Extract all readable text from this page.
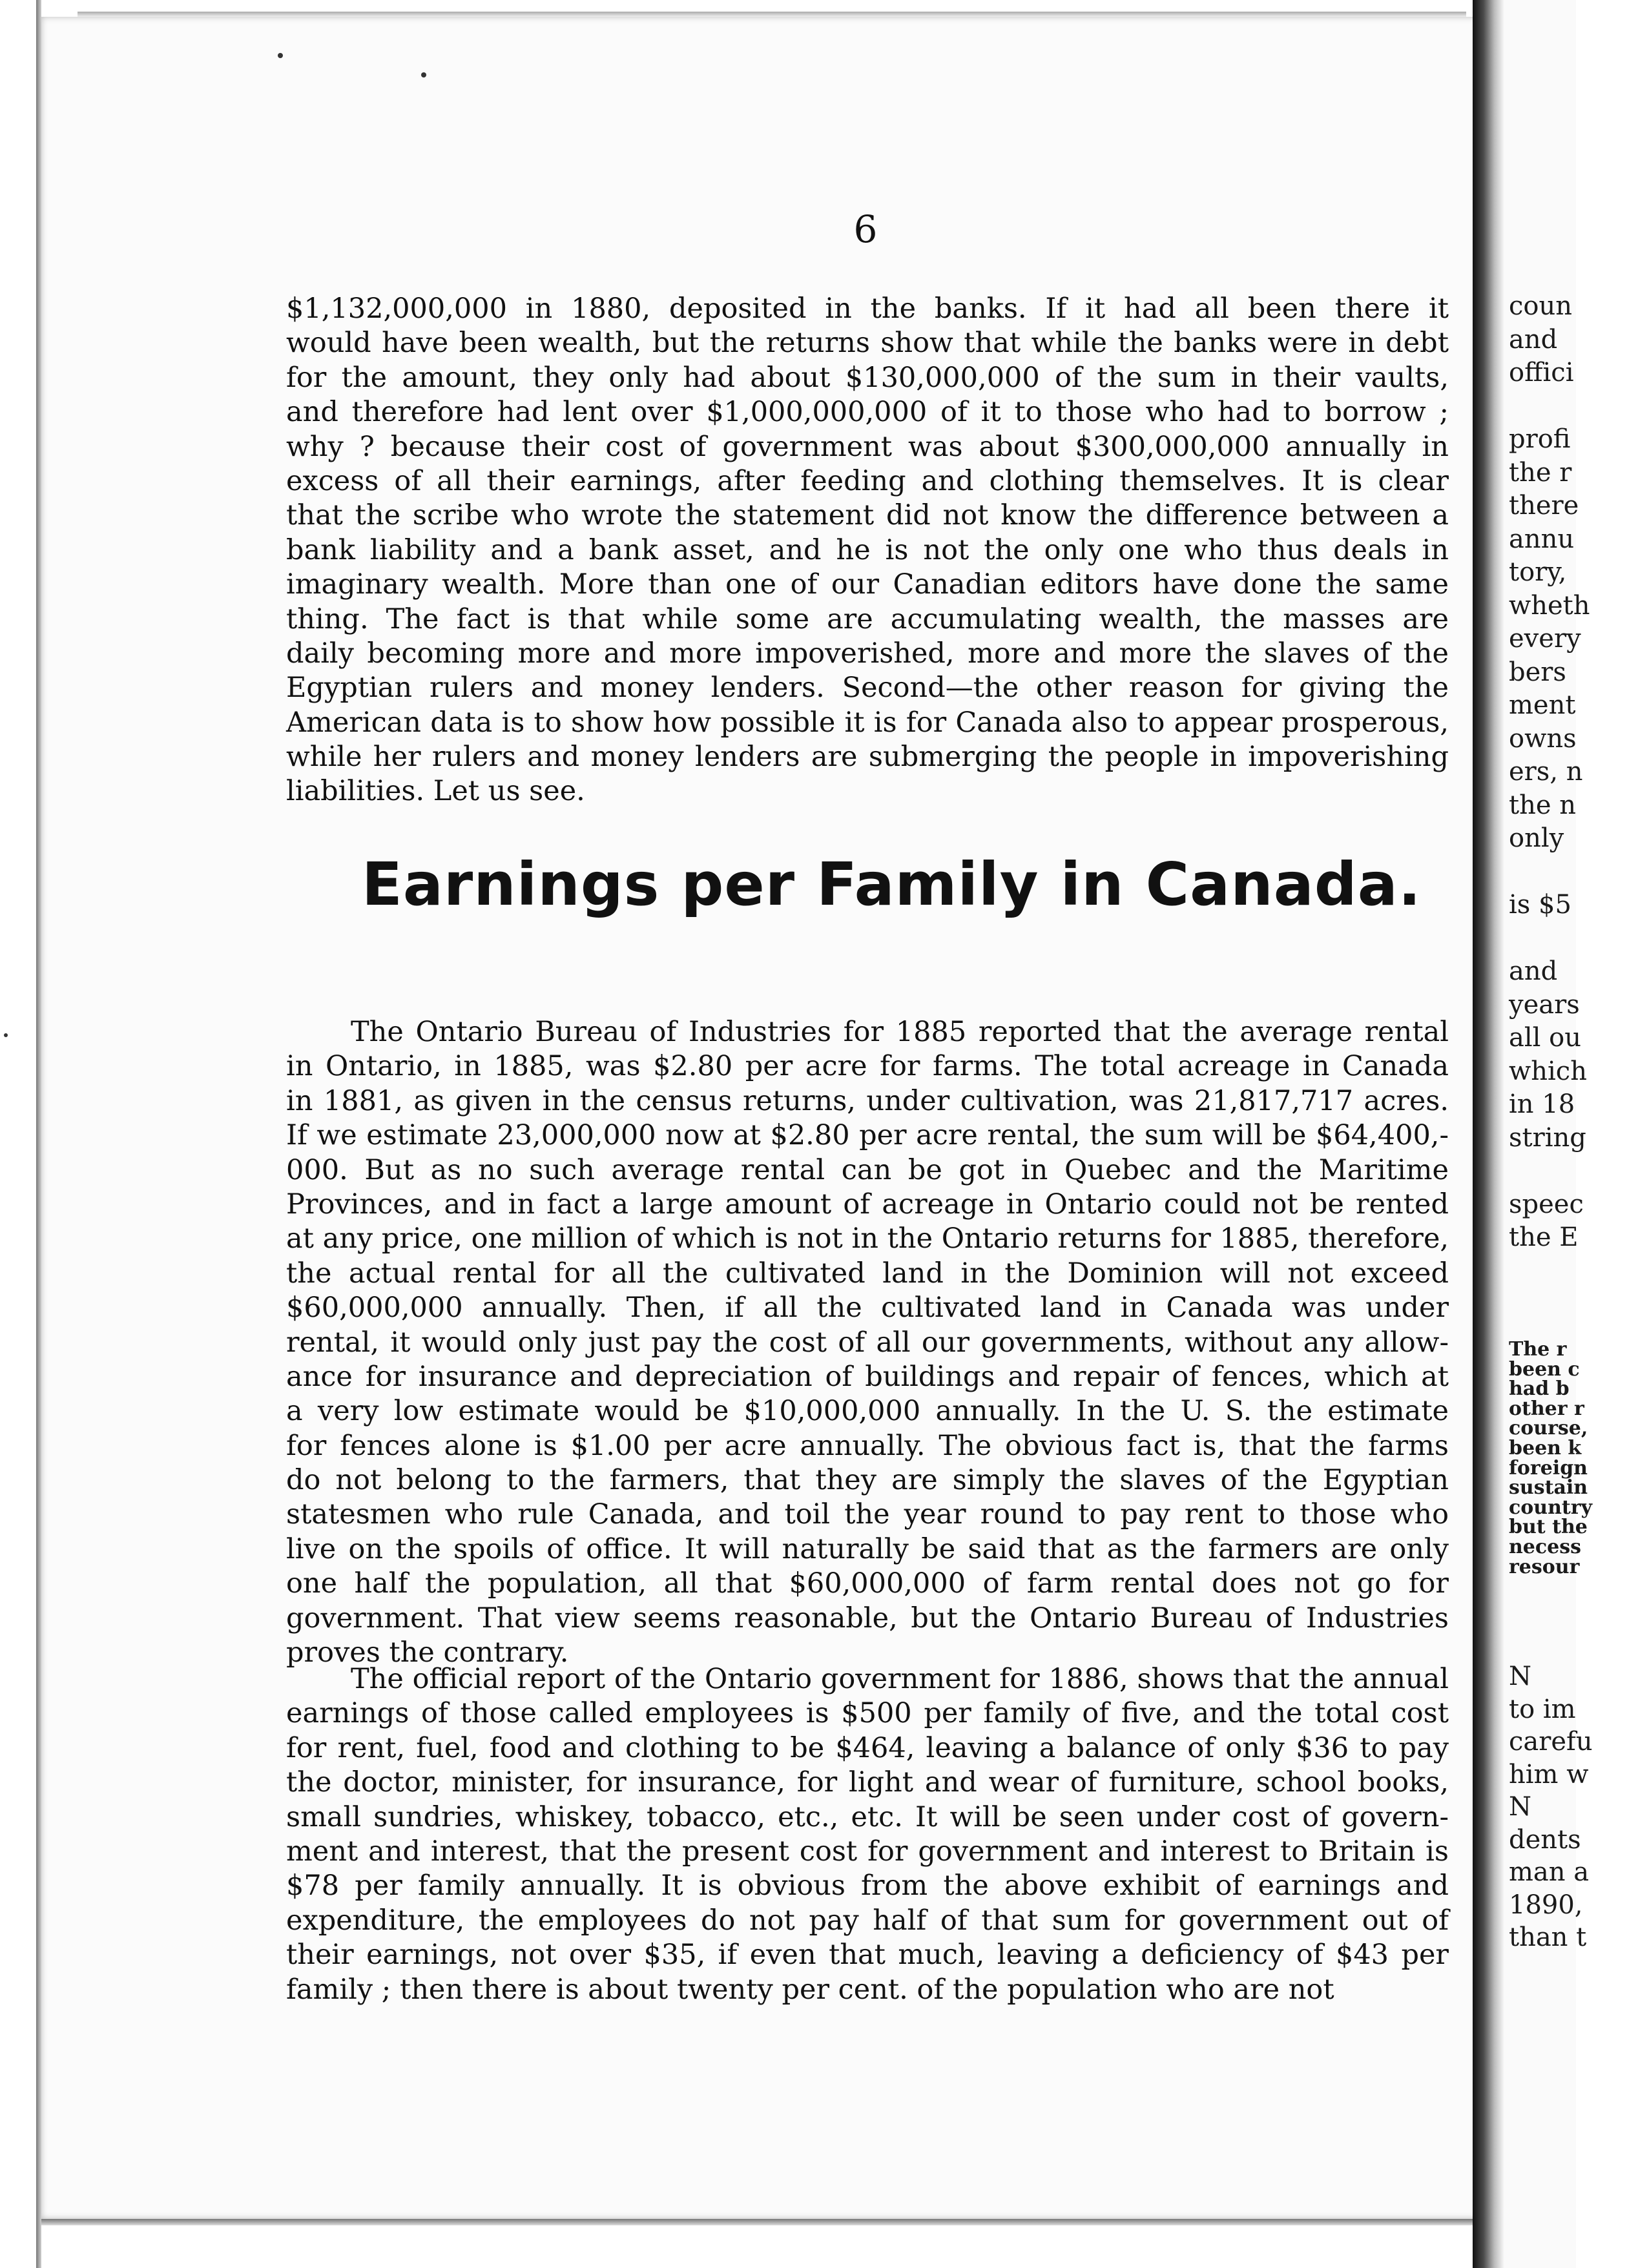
6
$1,132,000,000 in 1880, deposited in the banks. If it had all been there it
would have been wealth, but the returns show that while the banks were in debt
for the amount, they only had about $130,000,000 of the sum in their vaults,
and therefore had lent over $1,000,000,000 of it to those who had to borrow ;
why ? because their cost of government was about $300,000,000 annually in
excess of all their earnings, after feeding and clothing themselves. It is clear
that the scribe who wrote the statement did not know the difference between a
bank liability and a bank asset, and he is not the only one who thus deals in
imaginary wealth. More than one of our Canadian editors have done the same
thing. The fact is that while some are accumulating wealth, the masses are
daily becoming more and more impoverished, more and more the slaves of the
Egyptian rulers and money lenders. Second—the other reason for giving the
American data is to show how possible it is for Canada also to appear prosperous,
while her rulers and money lenders are submerging the people in impoverishing
liabilities. Let us see.
Earnings per Family in Canada.
The Ontario Bureau of Industries for 1885 reported that the average rental
in Ontario, in 1885, was $2.80 per acre for farms. The total acreage in Canada
in 1881, as given in the census returns, under cultivation, was 21,817,717 acres.
If we estimate 23,000,000 now at $2.80 per acre rental, the sum will be $64,400,-
000. But as no such average rental can be got in Quebec and the Maritime
Provinces, and in fact a large amount of acreage in Ontario could not be rented
at any price, one million of which is not in the Ontario returns for 1885, therefore,
the actual rental for all the cultivated land in the Dominion will not exceed
$60,000,000 annually. Then, if all the cultivated land in Canada was under
rental, it would only just pay the cost of all our governments, without any allow-
ance for insurance and depreciation of buildings and repair of fences, which at
a very low estimate would be $10,000,000 annually. In the U. S. the estimate
for fences alone is $1.00 per acre annually. The obvious fact is, that the farms
do not belong to the farmers, that they are simply the slaves of the Egyptian
statesmen who rule Canada, and toil the year round to pay rent to those who
live on the spoils of office. It will naturally be said that as the farmers are only
one half the population, all that $60,000,000 of farm rental does not go for
government. That view seems reasonable, but the Ontario Bureau of Industries
proves the contrary.
The official report of the Ontario government for 1886, shows that the annual
earnings of those called employees is $500 per family of five, and the total cost
for rent, fuel, food and clothing to be $464, leaving a balance of only $36 to pay
the doctor, minister, for insurance, for light and wear of furniture, school books,
small sundries, whiskey, tobacco, etc., etc. It will be seen under cost of govern-
ment and interest, that the present cost for government and interest to Britain is
$78 per family annually. It is obvious from the above exhibit of earnings and
expenditure, the employees do not pay half of that sum for government out of
their earnings, not over $35, if even that much, leaving a deficiency of $43 per
family ; then there is about twenty per cent. of the population who are not
coun
and
offici
profi
the r
there
annu
tory,
wheth
every
bers
ment
owns
ers, n
the n
only
is $5
and
years
all ou
which
in 18
string
speec
the E
The r
been c
had b
other r
course,
been k
foreign
sustain
country
but the
necess
resour
N
to im
carefu
him w
N
dents
man a
1890,
than t
